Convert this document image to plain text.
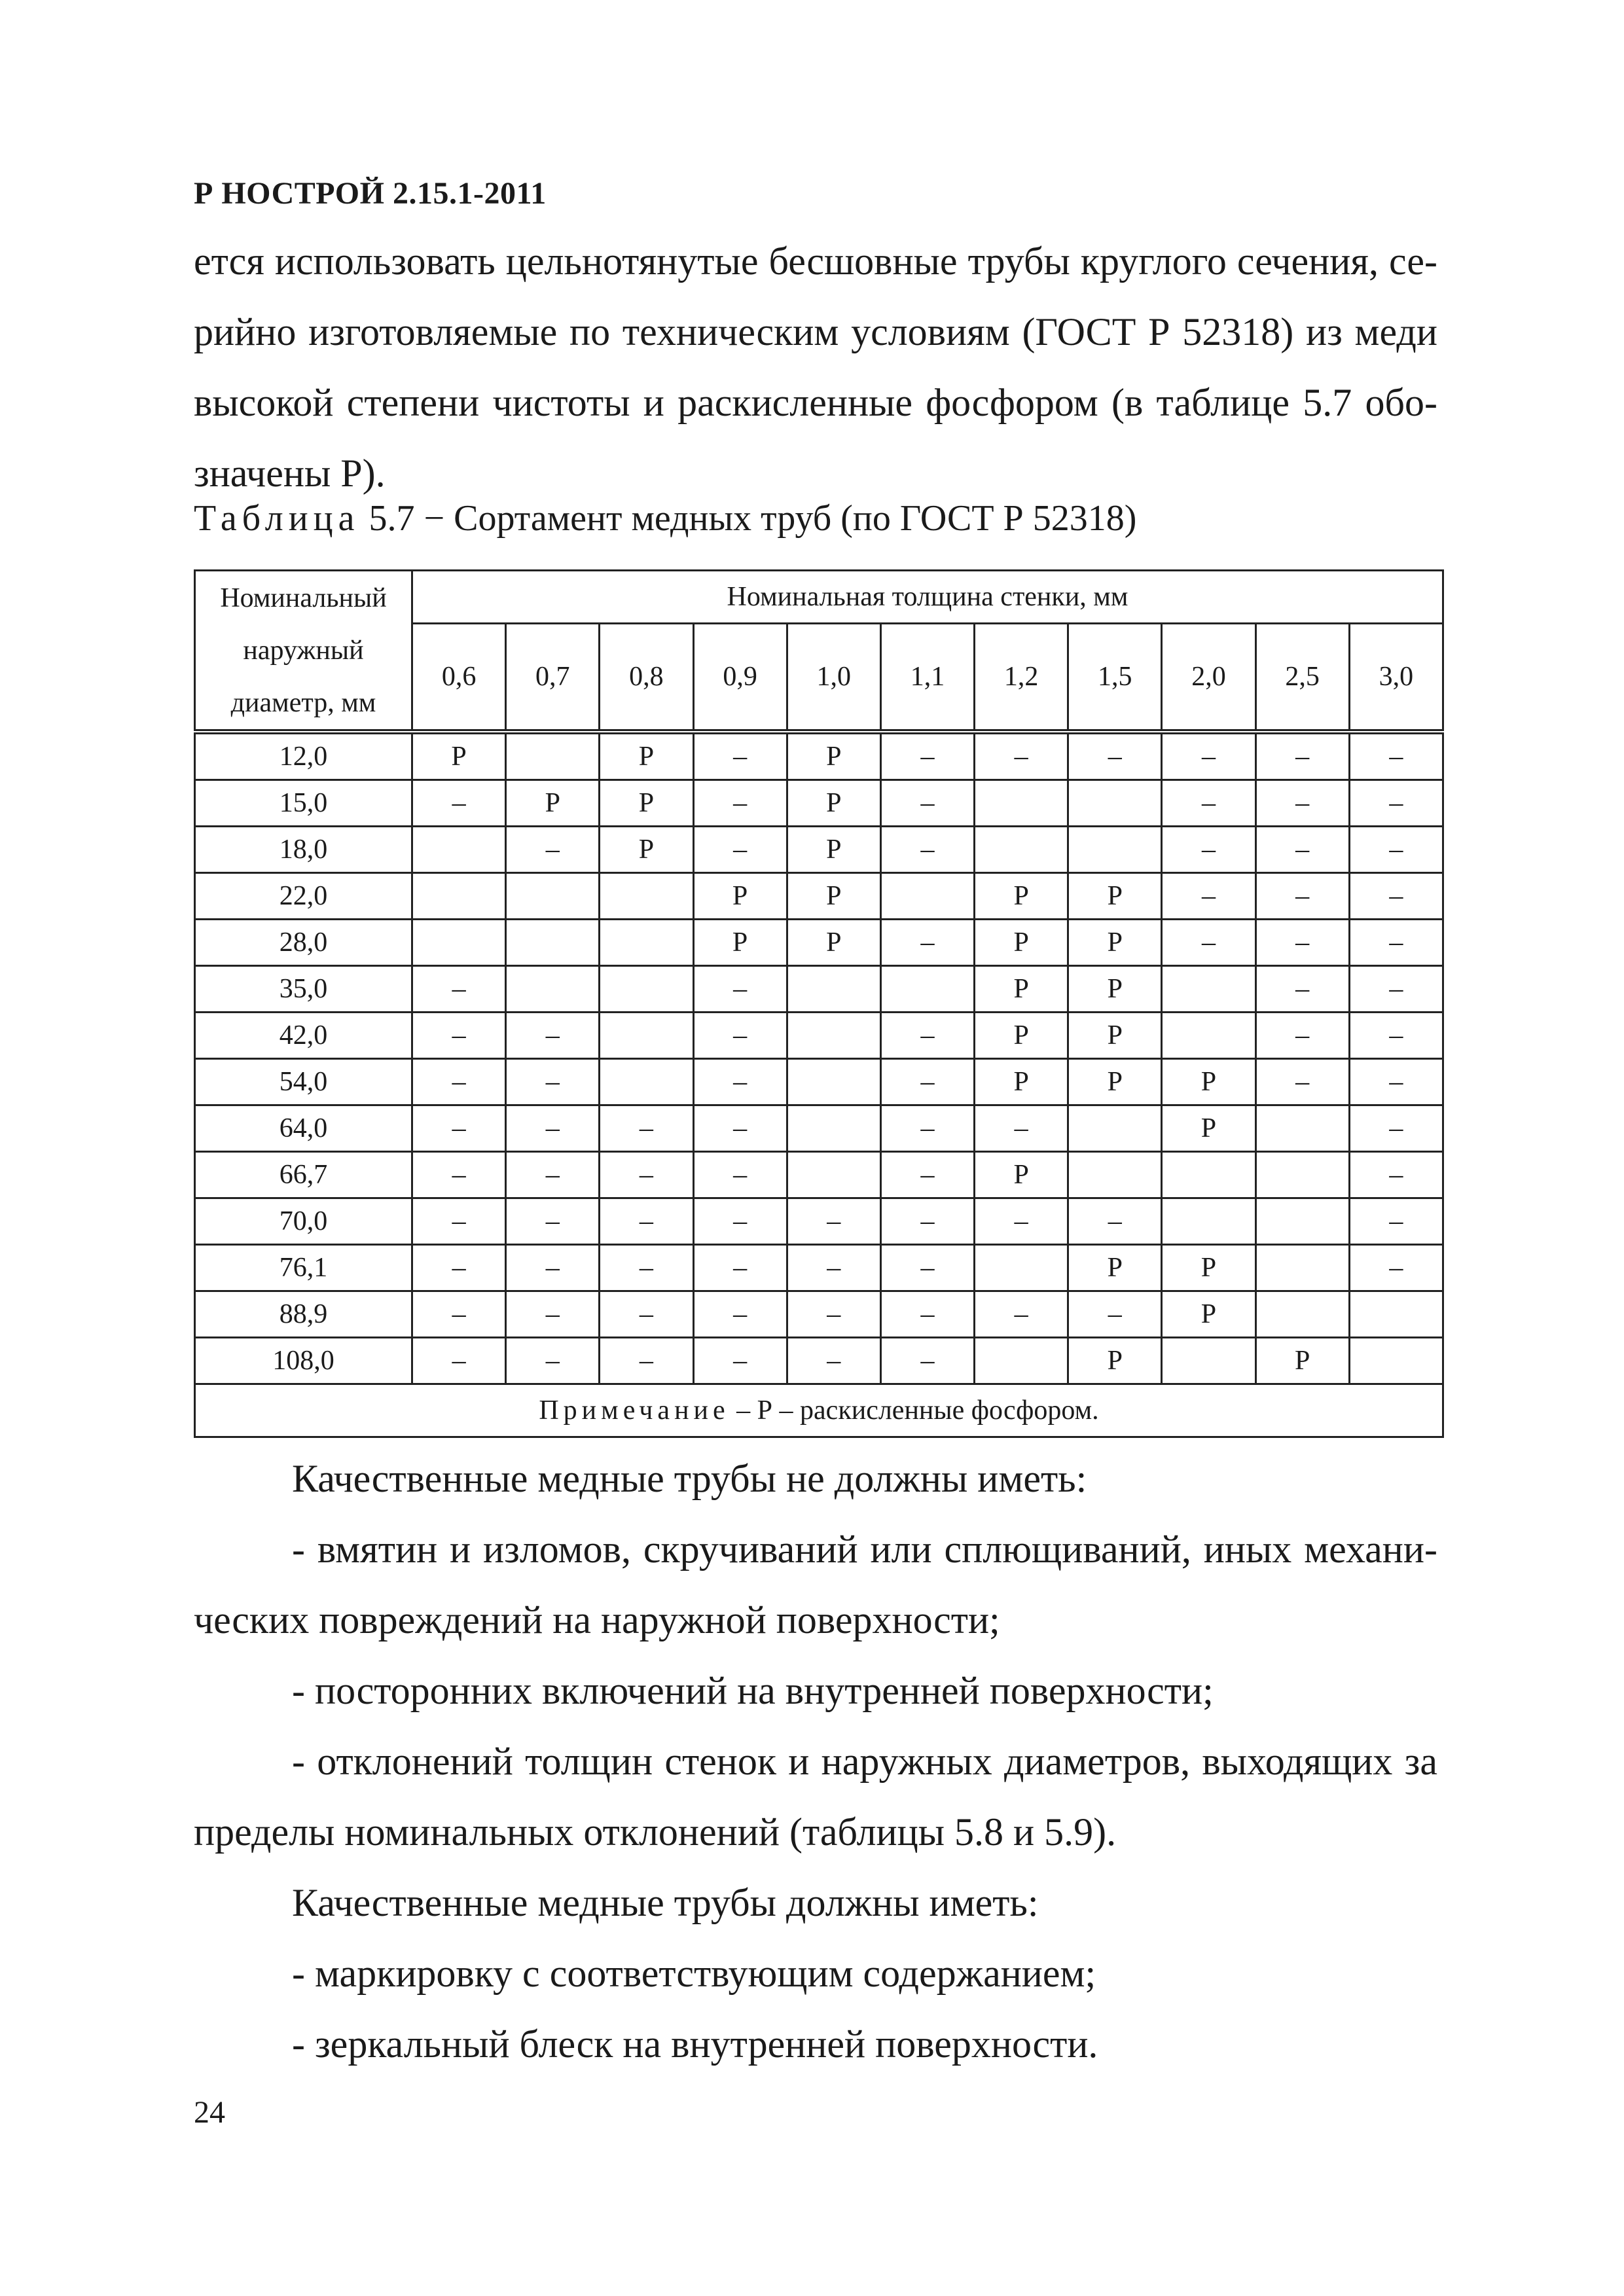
Р НОСТРОЙ 2.15.1-2011
ется использовать цельнотянутые бесшовные трубы круглого сечения, се-
рийно изготовляемые по техническим условиям (ГОСТ Р 52318) из меди
высокой степени чистоты и раскисленные фосфором (в таблице 5.7 обо-
значены Р).
Таблица 5.7 − Сортамент медных труб (по ГОСТ Р 52318)
Номинальный
наружный
диаметр, мм	Номинальная толщина стенки, мм										
	0,6	0,7	0,8	0,9	1,0	1,1	1,2	1,5	2,0	2,5	3,0
12,0	Р		Р	–	Р	–	–	–	–	–	–
15,0	–	Р	Р	–	Р	–			–	–	–
18,0		–	Р	–	Р	–			–	–	–
22,0				Р	Р		Р	Р	–	–	–
28,0				Р	Р	–	Р	Р	–	–	–
35,0	–			–			Р	Р		–	–
42,0	–	–		–		–	Р	Р		–	–
54,0	–	–		–		–	Р	Р	Р	–	–
64,0	–	–	–	–		–	–		Р		–
66,7	–	–	–	–		–	Р				–
70,0	–	–	–	–	–	–	–	–			–
76,1	–	–	–	–	–	–		Р	Р		–
88,9	–	–	–	–	–	–	–	–	Р		
108,0	–	–	–	–	–	–		Р		Р	
Примечание – Р – раскисленные фосфором.											
Качественные медные трубы не должны иметь:
- вмятин и изломов, скручиваний или сплющиваний, иных механи-
ческих повреждений на наружной поверхности;
- посторонних включений на внутренней поверхности;
- отклонений толщин стенок и наружных диаметров, выходящих за
пределы номинальных отклонений (таблицы 5.8 и 5.9).
Качественные медные трубы должны иметь:
- маркировку с соответствующим содержанием;
- зеркальный блеск на внутренней поверхности.
24
